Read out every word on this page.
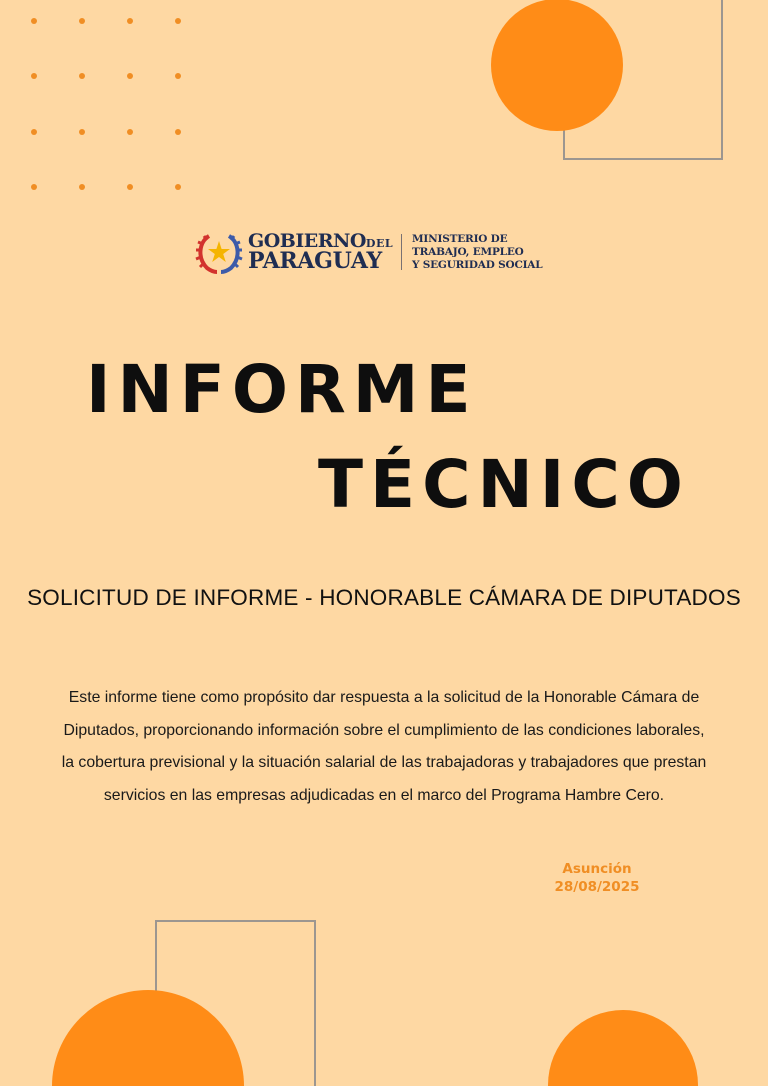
GOBIERNODEL
PARAGUAY
MINISTERIO DE
TRABAJO, EMPLEO
Y SEGURIDAD SOCIAL
INFORME
TÉCNICO
SOLICITUD DE INFORME - HONORABLE CÁMARA DE DIPUTADOS
Este informe tiene como propósito dar respuesta a la solicitud de la Honorable Cámara de
Diputados, proporcionando información sobre el cumplimiento de las condiciones laborales,
la cobertura previsional y la situación salarial de las trabajadoras y trabajadores que prestan
servicios en las empresas adjudicadas en el marco del Programa Hambre Cero.
Asunción
28/08/2025
